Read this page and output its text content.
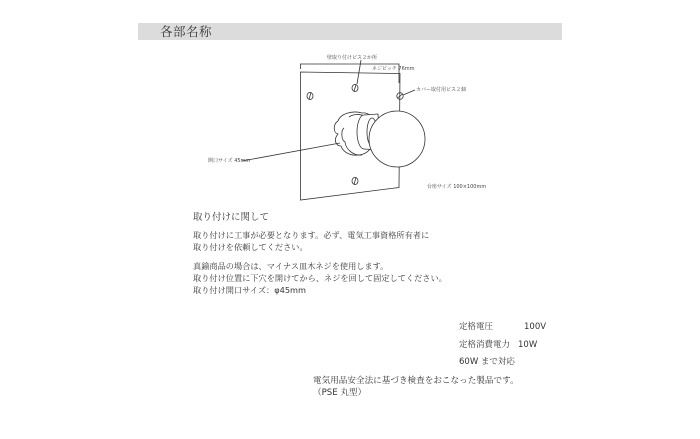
各部名称
壁取り付けビス２か所
ネジピッチ 76mm
カバー取付用ビス２個
開口サイズ 45mm
台座サイズ 100×100mm
取り付けに関して
取り付けに工事が必要となります。必ず、電気工事資格所有者に
取り付けを依頼してください。
真鍮商品の場合は、マイナス皿木ネジを使用します。
取り付け位置に下穴を開けてから、ネジを回して固定してください。
取り付け開口サイズ：φ45mm
定格電圧	100V
定格消費電力 10W
60W まで対応
電気用品安全法に基づき検査をおこなった製品です。
（PSE 丸型）
